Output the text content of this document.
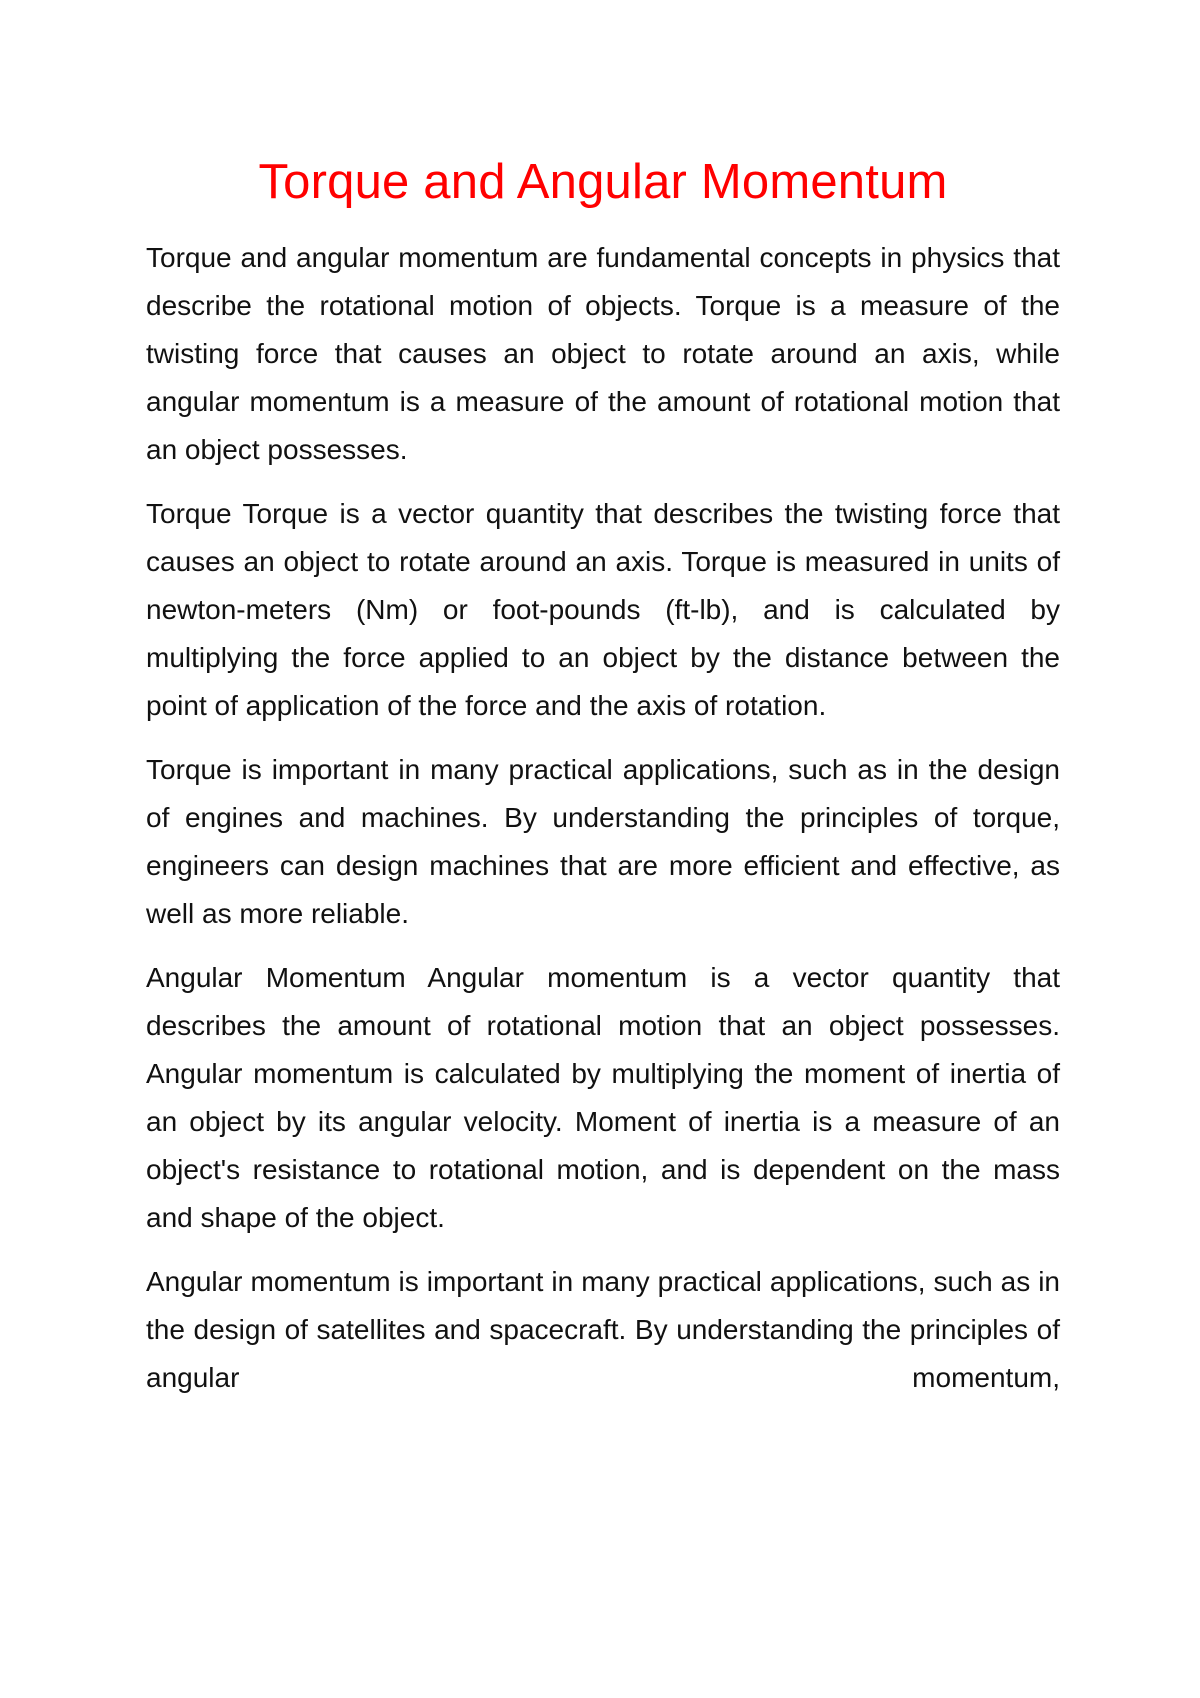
Torque and Angular Momentum

Torque and angular momentum are fundamental concepts in physics that describe the rotational motion of objects. Torque is a measure of the twisting force that causes an object to rotate around an axis, while angular momentum is a measure of the amount of rotational motion that an object possesses.

Torque Torque is a vector quantity that describes the twisting force that causes an object to rotate around an axis. Torque is measured in units of newton-meters (Nm) or foot-pounds (ft-lb), and is calculated by multiplying the force applied to an object by the distance between the point of application of the force and the axis of rotation.

Torque is important in many practical applications, such as in the design of engines and machines. By understanding the principles of torque, engineers can design machines that are more efficient and effective, as well as more reliable.

Angular Momentum Angular momentum is a vector quantity that describes the amount of rotational motion that an object possesses. Angular momentum is calculated by multiplying the moment of inertia of an object by its angular velocity. Moment of inertia is a measure of an object's resistance to rotational motion, and is dependent on the mass and shape of the object.

Angular momentum is important in many practical applications, such as in the design of satellites and spacecraft. By understanding the principles of angular momentum,
